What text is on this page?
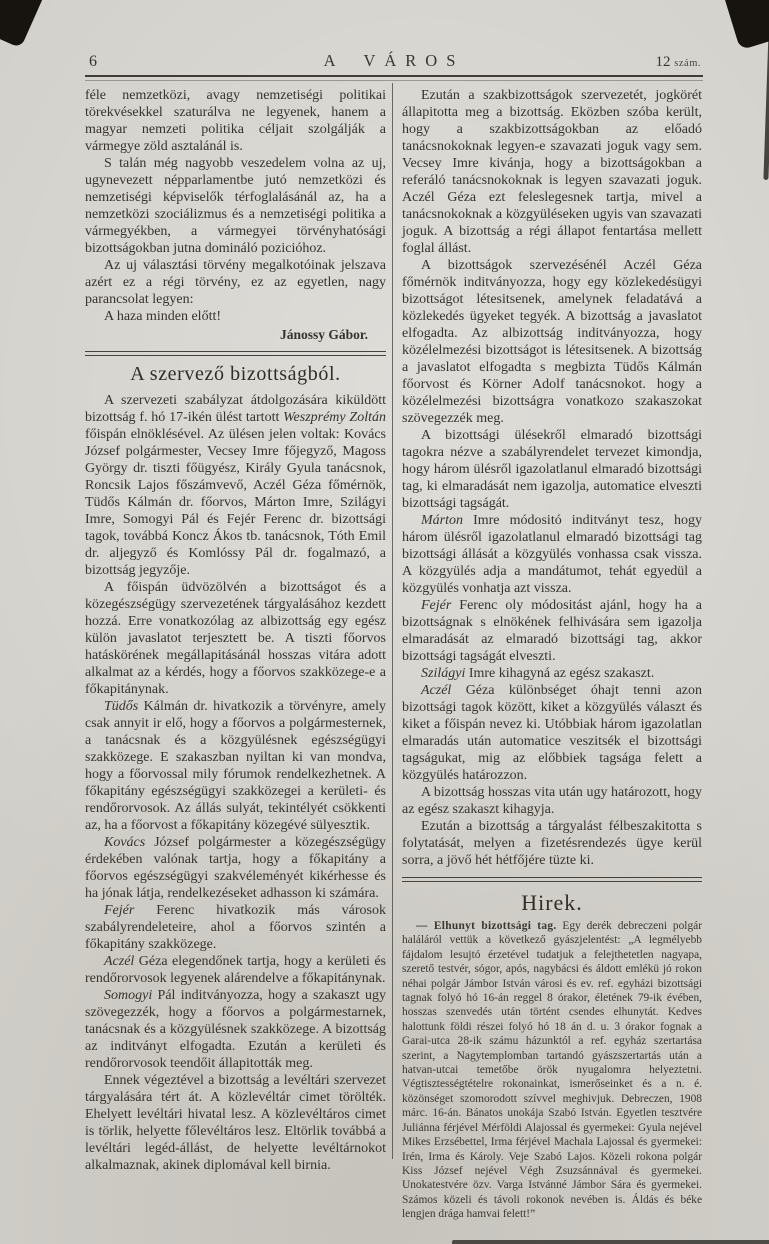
6	A VÁROS	12 szám.

féle nemzetközi, avagy nemzetiségi politikai törekvésekkel szaturálva ne legyenek, hanem a magyar nemzeti politika céljait szolgálják a vármegye zöld asztalánál is.

S talán még nagyobb veszedelem volna az uj, ugynevezett népparlamentbe jutó nemzetközi és nemzetiségi képviselők térfoglalásánál az, ha a nemzetközi szociálizmus és a nemzetiségi politika a vármegyékben, a vármegyei törvényhatósági bizottságokban jutna domináló pozicióhoz.

Az uj választási törvény megalkotóinak jelszava azért ez a régi törvény, ez az egyetlen, nagy parancsolat legyen:

A haza minden előtt!

Jánossy Gábor.

A szervező bizottságból.

A szervezeti szabályzat átdolgozására kiküldött bizottság f. hó 17-ikén ülést tartott Weszprémy Zoltán főispán elnöklésével. Az ülésen jelen voltak: Kovács József polgármester, Vecsey Imre főjegyző, Magoss György dr. tiszti főügyész, Király Gyula tanácsnok, Roncsik Lajos főszámvevő, Aczél Géza főmérnök, Tüdős Kálmán dr. főorvos, Márton Imre, Szilágyi Imre, Somogyi Pál és Fejér Ferenc dr. bizottsági tagok, továbbá Koncz Ákos tb. tanácsnok, Tóth Emil dr. aljegyző és Komlóssy Pál dr. fogalmazó, a bizottság jegyzője.

A főispán üdvözölvén a bizottságot és a közegészségügy szervezetének tárgyalásához kezdett hozzá. Erre vonatkozólag az albizottság egy egész külön javaslatot terjesztett be. A tiszti főorvos hatáskörének megállapitásánál hosszas vitára adott alkalmat az a kérdés, hogy a főorvos szakközege-e a főkapitánynak.

Tüdős Kálmán dr. hivatkozik a törvényre, amely csak annyit ir elő, hogy a főorvos a polgármesternek, a tanácsnak és a közgyülésnek egészségügyi szakközege. E szakaszban nyiltan ki van mondva, hogy a főorvossal mily fórumok rendelkezhetnek. A főkapitány egészségügyi szakközegei a kerületi- és rendőrorvosok. Az állás sulyát, tekintélyét csökkenti az, ha a főorvost a főkapitány közegévé sülyesztik.

Kovács József polgármester a közegészségügy érdekében valónak tartja, hogy a főkapitány a főorvos egészségügyi szakvéleményét kikérhesse és ha jónak látja, rendelkezéseket adhasson ki számára.

Fejér Ferenc hivatkozik más városok szabályrendeleteire, ahol a főorvos szintén a főkapitány szakközege.

Aczél Géza elegendőnek tartja, hogy a kerületi és rendőrorvosok legyenek alárendelve a főkapitánynak.

Somogyi Pál inditványozza, hogy a szakaszt ugy szövegezzék, hogy a főorvos a polgármestarnek, tanácsnak és a közgyülésnek szakközege. A bizottság az inditványt elfogadta. Ezután a kerületi és rendőrorvosok teendőit állapitották meg.

Ennek végeztével a bizottság a levéltári szervezet tárgyalására tért át. A közlevéltár cimet törölték. Ehelyett levéltári hivatal lesz. A közlevéltáros cimet is törlik, helyette főlevéltáros lesz. Eltörlik továbbá a levéltári legéd-állást, de helyette levéltárnokot alkalmaznak, akinek diplomával kell birnia.

Ezután a szakbizottságok szervezetét, jogkörét állapitotta meg a bizottság. Eközben szóba került, hogy a szakbizottságokban az előadó tanácsnokoknak legyen-e szavazati joguk vagy sem. Vecsey Imre kivánja, hogy a bizottságokban a referáló tanácsnokoknak is legyen szavazati joguk. Aczél Géza ezt feleslegesnek tartja, mivel a tanácsnokoknak a közgyüléseken ugyis van szavazati joguk. A bizottság a régi állapot fentartása mellett foglal állást.

A bizottságok szervezésénél Aczél Géza főmérnök inditványozza, hogy egy közlekedésügyi bizottságot létesitsenek, amelynek feladatává a közlekedés ügyeket tegyék. A bizottság a javaslatot elfogadta. Az albizottság inditványozza, hogy közélelmezési bizottságot is létesitsenek. A bizottság a javaslatot elfogadta s megbizta Tüdős Kálmán főorvost és Körner Adolf tanácsnokot. hogy a közélelmezési bizottságra vonatkozo szakaszokat szövegezzék meg.

A bizottsági ülésekről elmaradó bizottsági tagokra nézve a szabályrendelet tervezet kimondja, hogy három ülésről igazolatlanul elmaradó bizottsági tag, ki elmaradását nem igazolja, automatice elveszti bizottsági tagságát.

Márton Imre módositó inditványt tesz, hogy három ülésről igazolatlanul elmaradó bizottsági tag bizottsági állását a közgyülés vonhassa csak vissza. A közgyülés adja a mandátumot, tehát egyedül a közgyülés vonhatja azt vissza.

Fejér Ferenc oly módositást ajánl, hogy ha a bizottságnak s elnökének felhivására sem igazolja elmaradását az elmaradó bizottsági tag, akkor bizottsági tagságát elveszti.

Szilágyi Imre kihagyná az egész szakaszt.

Aczél Géza különbséget óhajt tenni azon bizottsági tagok között, kiket a közgyülés választ és kiket a főispán nevez ki. Utóbbiak három igazolatlan elmaradás után automatice veszitsék el bizottsági tagságukat, mig az előbbiek tagsága felett a közgyülés határozzon.

A bizottság hosszas vita után ugy határozott, hogy az egész szakaszt kihagyja.

Ezután a bizottság a tárgyalást félbeszakitotta s folytatását, melyen a fizetésrendezés ügye kerül sorra, a jövő hét hétfőjére tüzte ki.

Hirek.

— Elhunyt bizottsági tag. Egy derék debreczeni polgár haláláról vettük a következő gyászjelentést: „A legmélyebb fájdalom lesujtó érzetével tudatjuk a felejthetetlen nagyapa, szerető testvér, sógor, após, nagybácsi és áldott emlékü jó rokon néhai polgár Jámbor István városi és ev. ref. egyházi bizottsági tagnak folyó hó 16-án reggel 8 órakor, életének 79-ik évében, hosszas szenvedés után történt csendes elhunytát. Kedves halottunk földi részei folyó hó 18 án d. u. 3 órakor fognak a Garai-utca 28-ik számu házunktól a ref. egyház szertartása szerint, a Nagytemplomban tartandó gyászszertartás után a hatvan-utcai temetőbe örök nyugalomra helyeztetni. Végtisztességtételre rokonainkat, ismerőseinket és a n. é. közönséget szomorodott szívvel meghivjuk. Debreczen, 1908 márc. 16-án. Bánatos unokája Szabó István. Egyetlen tesztvére Juliánna férjével Mérföldi Alajossal és gyermekei: Gyula nejével Mikes Erzsébettel, Irma férjével Machala Lajossal és gyermekei: Irén, Irma és Károly. Veje Szabó Lajos. Közeli rokona polgár Kiss József nejével Végh Zsuzsánnával és gyermekei. Unokatestvére özv. Varga Istvánné Jámbor Sára és gyermekei. Számos közeli és távoli rokonok nevében is. Áldás és béke lengjen drága hamvai felett!”
